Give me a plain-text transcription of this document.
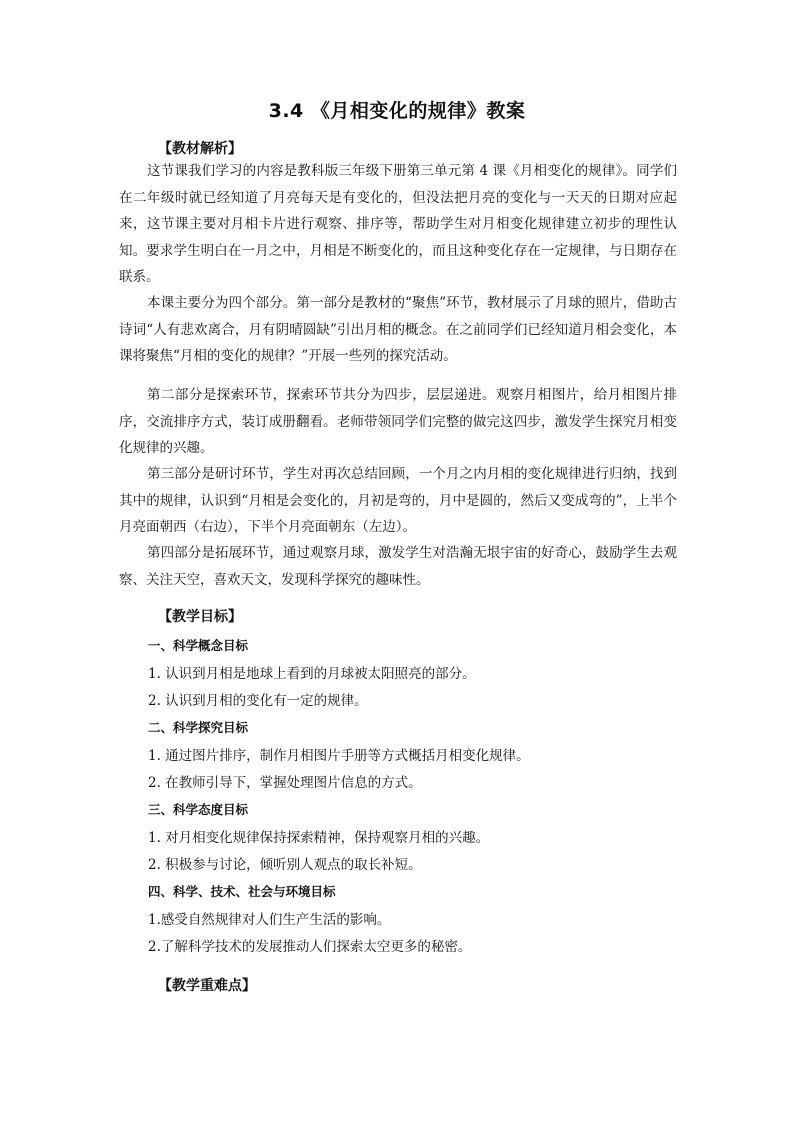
3.4 《月相变化的规律》教案
【教材解析】

这节课我们学习的内容是教科版三年级下册第三单元第 4 课《月相变化的规律》。同学们在二年级时就已经知道了月亮每天是有变化的，但没法把月亮的变化与一天天的日期对应起来，这节课主要对月相卡片进行观察、排序等，帮助学生对月相变化规律建立初步的理性认知。要求学生明白在一月之中，月相是不断变化的，而且这种变化存在一定规律，与日期存在联系。

本课主要分为四个部分。第一部分是教材的“聚焦”环节，教材展示了月球的照片，借助古诗词“人有悲欢离合，月有阴晴圆缺”引出月相的概念。在之前同学们已经知道月相会变化，本课将聚焦“月相的变化的规律？”开展一些列的探究活动。

第二部分是探索环节，探索环节共分为四步，层层递进。观察月相图片，给月相图片排序，交流排序方式，装订成册翻看。老师带领同学们完整的做完这四步，激发学生探究月相变化规律的兴趣。

第三部分是研讨环节，学生对再次总结回顾，一个月之内月相的变化规律进行归纳，找到其中的规律，认识到“月相是会变化的，月初是弯的，月中是圆的，然后又变成弯的”，上半个月亮面朝西（右边），下半个月亮面朝东（左边）。

第四部分是拓展环节，通过观察月球，激发学生对浩瀚无垠宇宙的好奇心，鼓励学生去观察、关注天空，喜欢天文，发现科学探究的趣味性。

【教学目标】
一、科学概念目标
1. 认识到月相是地球上看到的月球被太阳照亮的部分。
2. 认识到月相的变化有一定的规律。
二、科学探究目标
1. 通过图片排序，制作月相图片手册等方式概括月相变化规律。
2. 在教师引导下，掌握处理图片信息的方式。
三、科学态度目标
1. 对月相变化规律保持探索精神，保持观察月相的兴趣。
2. 积极参与讨论，倾听别人观点的取长补短。
四、科学、技术、社会与环境目标
1.感受自然规律对人们生产生活的影响。
2.了解科学技术的发展推动人们探索太空更多的秘密。
【教学重难点】
